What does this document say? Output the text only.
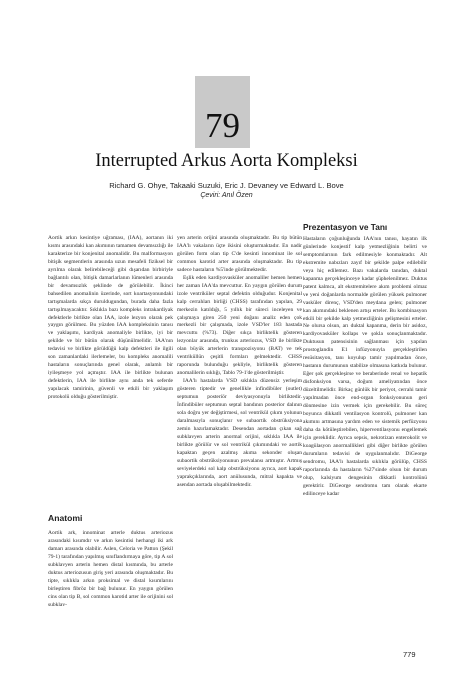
79
Interrupted Arkus Aorta Kompleksi
Richard G. Ohye, Takaaki Suzuki, Eric J. Devaney ve Edward L. Bove
Çeviri: Anıl Özen

Aortik arkın kesintiye uğraması, (IAA), aortanın iki kısmı arasındaki kan akımının tamamen devamsızlığı ile karakterize bir konjenital anomalidir. Bu malformasyon bitişik segmentlerin arasında uzun mesafeli fiziksel bir ayrılma olarak belirebileceği gibi dışarıdan birbiriyle bağlantılı olan, bitişik damarlarlanın lümenleri arasında bir devamsızlık şeklinde de görülebilir. İkinci bahsedilen anomalinin üzerinde, sort koartasyonundaki tartışmalarda sıkça duruldugundan, burada daha fazla tartışılmayacaktır. Sıklıkla bazı kompleks intrakardiyak defektlerle birlikte olan IAA, izole lezyon olarak pek yaygın görülmez. Bu yüzden IAA kompleksinin tanısı ve yaklaşımı, kardiyak anomaliyle birlikte, iyi bir şekilde ve bir bütün olarak düşünülmelidir. IAA'nın tedavisi ve birlikte görüldüğü kalp defektleri ile ilgili son zamanlardaki ilerlemeler, bu kompleks anomalili hastaların sonuçlarında genel olarak, anlamlı bir iyileşmeye yol açmıştır. IAA ile birlikte bulunan defektlerin, IAA ile birlikte aynı anda tek seferde yapılacak tamirinin, güvenli ve etkili bir yaklaşım protokolü olduğu gösterilmiştir.

Anatomi

Aortik ark, innominat arterle duktus arteriozus arasındaki kısımdır ve arkın kesintisi herhangi iki ark damarı arasında olabilir. Aslen, Celoria ve Patton (Şekil 79-1) tarafından yapılmış sınıflandırmaya göre, tip A sol subklavyen arterin hemen distal kısmında, bu arterle duktus arteriozusun giriş yeri arasında oluşmaktadır. Bu tipte, sıklıkla arkın proksimal ve distal kısımlarını birleştiren fibröz bir bağ bulunur. En yaygın görülen cins olan tip B, sol common karotid arter ile orijinini sol subklav-

yen arterin orijini arasında oluşmaktadır. Bu tip bütün IAA'lı vakaların üçte ikisini oluşturmaktadır. En nadir görülen form olan tip C'de kesinti innominat ile sol common karotid arter arasında oluşmaktadır. Bu tip sadece hastaların %5'inde görülmektedir.

Eşlik eden kardiyovasküler anomaliler hemen hemen her zaman IAA'da mevcuttur. En yaygın görülen durum izole ventriküler septal defektin olduğudur. Konjenital kalp cerrahları birliği (CHSS) tarafından yapılan, 29 merkezin katıldığı, 5 yıllık bir süreci inceleyen ve çalışmaya giren 250 yeni doğanı analiz eden çok merkezli bir çalışmada, izole VSD'ler 183 hastada mevcuttu (%73). Diğer sıkça birliktelik gösteren lezyonlar arasında, trunkus arteriozus, VSD ile birlikte olan büyük arterlerin transpozisyonu (BAT) ve tek ventriküllün çeşitli formları gelmektedir. CHSS raporunda bulunduğu şekliyle, birliktelik gösteren anomalilerin sıklığı, Tablo 79-1'de gösterilmiştir.

IAA'lı hastalarda VSD sıklıkla düzensiz yerleşim gösteren tiptedir ve genellikle infindibüler (outlet) septumun posteriör deviyasyonuyla birliktedir. İnfindibüler septumun septal bandının posterior dalının sola doğru yer değiştirmesi, sol ventrikül çıkım yolunun daralmasıyla sonuçlanır ve subaortik obstrüksiyona zemin hazırlamaktadır. Desendan aortadan çıkan sağ subklavyen arterin anormal orijini, sıklıkla IAA ile birlikte görülür ve sol ventrikül çıkımındaki ve aortik kapaktan geçen azalmış akıma sekonder oluşan subaortik obstrüksiyonunun prevalansı artmıştır. Artmış seviyelerdeki sol kalp obstrüksiyonu ayrıca, aort kapak yaprakçıklarında, aort anülusunda, mitral kapakta ve asendan aortada oluşabilmektedir.

Prezentasyon ve Tanı

Hastaların çoğunluğunda IAA'nın tanısı, hayatın ilk günlerinde konjestif kalp yetmezliğinin belirti ve semptomlarının fark edilmesiyle konmaktadır. Alt ekstremite nabızları zayıf bir şekilde palpe edilebilir veya hiç edilemez. Bazı vakalarda tanıdan, duktal kapanma gerçekleşinceye kadar şüphelenilmez. Duktus patent kalmca, alt ekstremitelere akım problemi olmaz ve yeni doğanlarda normalde görülen yüksek pulmoner vasküler direnç, VSD'den meydana gelen; pulmoner kan akımındaki beklenen artışı erteler. Bu kombinasyon etkili bir şekilde kalp yetmezliğinin gelişmesini erteler. Ne olursa olsun, arı duktal kapanma, derin bir asidoz, kardiyovasküler kollaps ve şokla sonuçlanmaktadır. Duktusun patensisinin sağlanması için yapılan prostoglandin E1 infüzyonuyla gerçekleştirilen resüsitasyon, tanı koyulup tamir yapılmadan önce, hastanın durumunun stabilize olmasına katkıda bulunur. Eğer şok gerçekleşirse ve beraberinde renal ve hepatik disfonksiyon varsa, doğum ameliyatından önce düzeltilmelidir. Birkaç günlük bir periyot, cerrahi tamir yapılmadan önce end-organ fonksiyonunun geri dönmesine izin vermek için gerekebilir. Bu süreç boyunca dikkatli ventilasyon kontrolü, pulmoner kan akımını artmasına yardım eden ve sistemik perfüzyonu daha da kötüleştirebilen, hiperventilasyonu engellemek için gereklidir. Ayrıca sepsis, nekrotizan enterokolit ve koagülasyon anormallikleri gibi diğer birlikte görülen durumların tedavisi de uygulanmalıdır. DiGeorge sendromu, IAA'lı hastalarda sıklıkla görülüp, CHSS raporlarında da hastaların %27'sinde olsun bir durum olup, kalsiyum dengesinin dikkatli kontrolünü gerektirir. DiGeorge sendromu tam olarak ekarte edilinceye kadar

779
